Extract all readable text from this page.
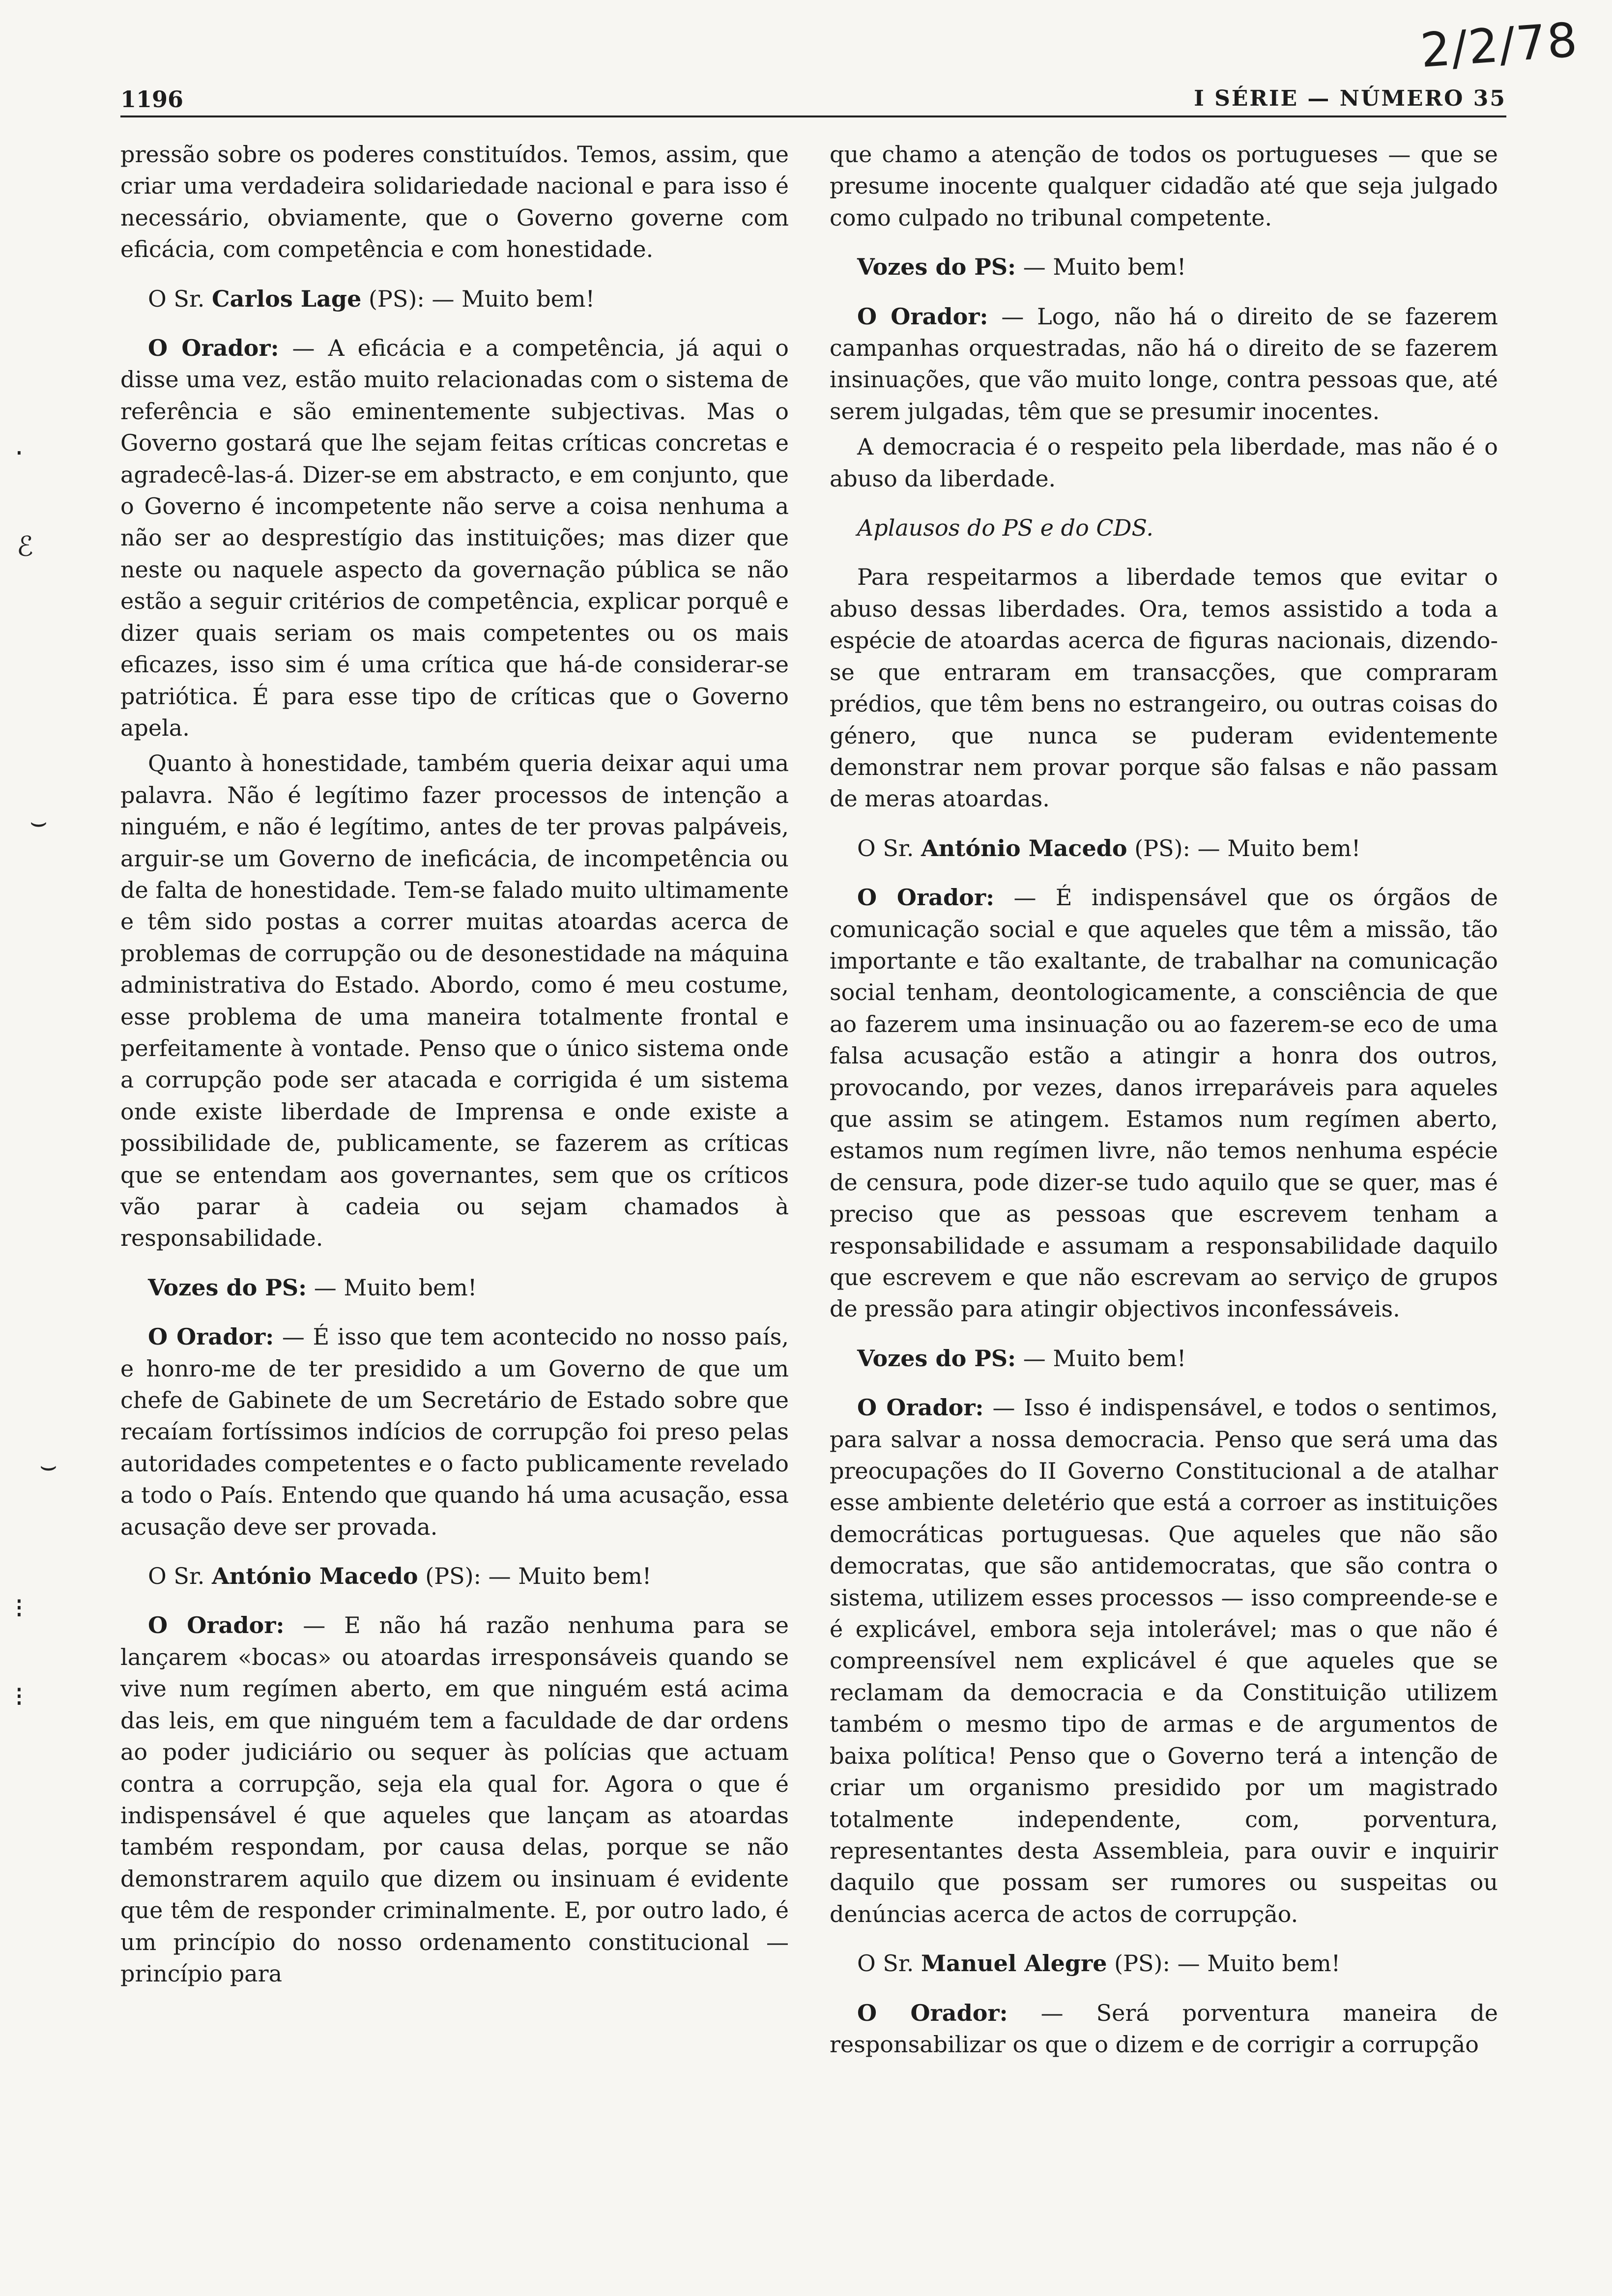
2/2/78
1196	I SÉRIE — NÚMERO 35

pressão sobre os poderes constituídos. Temos, assim, que criar uma verdadeira solidariedade nacional e para isso é necessário, obviamente, que o Governo governe com eficácia, com competência e com honestidade.

O Sr. Carlos Lage (PS): — Muito bem!

O Orador: — A eficácia e a competência, já aqui o disse uma vez, estão muito relacionadas com o sistema de referência e são eminentemente subjectivas. Mas o Governo gostará que lhe sejam feitas críticas concretas e agradecê-las-á. Dizer-se em abstracto, e em conjunto, que o Governo é incompetente não serve a coisa nenhuma a não ser ao desprestígio das instituições; mas dizer que neste ou naquele aspecto da governação pública se não estão a seguir critérios de competência, explicar porquê e dizer quais seriam os mais competentes ou os mais eficazes, isso sim é uma crítica que há-de considerar-se patriótica. É para esse tipo de críticas que o Governo apela.

Quanto à honestidade, também queria deixar aqui uma palavra. Não é legítimo fazer processos de intenção a ninguém, e não é legítimo, antes de ter provas palpáveis, arguir-se um Governo de ineficácia, de incompetência ou de falta de honestidade. Tem-se falado muito ultimamente e têm sido postas a correr muitas atoardas acerca de problemas de corrupção ou de desonestidade na máquina administrativa do Estado. Abordo, como é meu costume, esse problema de uma maneira totalmente frontal e perfeitamente à vontade. Penso que o único sistema onde a corrupção pode ser atacada e corrigida é um sistema onde existe liberdade de Imprensa e onde existe a possibilidade de, publicamente, se fazerem as críticas que se entendam aos governantes, sem que os críticos vão parar à cadeia ou sejam chamados à responsabilidade.

Vozes do PS: — Muito bem!

O Orador: — É isso que tem acontecido no nosso país, e honro-me de ter presidido a um Governo de que um chefe de Gabinete de um Secretário de Estado sobre que recaíam fortíssimos indícios de corrupção foi preso pelas autoridades competentes e o facto publicamente revelado a todo o País. Entendo que quando há uma acusação, essa acusação deve ser provada.

O Sr. António Macedo (PS): — Muito bem!

O Orador: — E não há razão nenhuma para se lançarem «bocas» ou atoardas irresponsáveis quando se vive num regímen aberto, em que ninguém está acima das leis, em que ninguém tem a faculdade de dar ordens ao poder judiciário ou sequer às polícias que actuam contra a corrupção, seja ela qual for. Agora o que é indispensável é que aqueles que lançam as atoardas também respondam, por causa delas, porque se não demonstrarem aquilo que dizem ou insinuam é evidente que têm de responder criminalmente. E, por outro lado, é um princípio do nosso ordenamento constitucional — princípio para

que chamo a atenção de todos os portugueses — que se presume inocente qualquer cidadão até que seja julgado como culpado no tribunal competente.

Vozes do PS: — Muito bem!

O Orador: — Logo, não há o direito de se fazerem campanhas orquestradas, não há o direito de se fazerem insinuações, que vão muito longe, contra pessoas que, até serem julgadas, têm que se presumir inocentes.

A democracia é o respeito pela liberdade, mas não é o abuso da liberdade.

Aplausos do PS e do CDS.

Para respeitarmos a liberdade temos que evitar o abuso dessas liberdades. Ora, temos assistido a toda a espécie de atoardas acerca de figuras nacionais, dizendo-se que entraram em transacções, que compraram prédios, que têm bens no estrangeiro, ou outras coisas do género, que nunca se puderam evidentemente demonstrar nem provar porque são falsas e não passam de meras atoardas.

O Sr. António Macedo (PS): — Muito bem!

O Orador: — É indispensável que os órgãos de comunicação social e que aqueles que têm a missão, tão importante e tão exaltante, de trabalhar na comunicação social tenham, deontologicamente, a consciência de que ao fazerem uma insinuação ou ao fazerem-se eco de uma falsa acusação estão a atingir a honra dos outros, provocando, por vezes, danos irreparáveis para aqueles que assim se atingem. Estamos num regímen aberto, estamos num regímen livre, não temos nenhuma espécie de censura, pode dizer-se tudo aquilo que se quer, mas é preciso que as pessoas que escrevem tenham a responsabilidade e assumam a responsabilidade daquilo que escrevem e que não escrevam ao serviço de grupos de pressão para atingir objectivos inconfessáveis.

Vozes do PS: — Muito bem!

O Orador: — Isso é indispensável, e todos o sentimos, para salvar a nossa democracia. Penso que será uma das preocupações do II Governo Constitucional a de atalhar esse ambiente deletério que está a corroer as instituições democráticas portuguesas. Que aqueles que não são democratas, que são antidemocratas, que são contra o sistema, utilizem esses processos — isso compreende-se e é explicável, embora seja intolerável; mas o que não é compreensível nem explicável é que aqueles que se reclamam da democracia e da Constituição utilizem também o mesmo tipo de armas e de argumentos de baixa política! Penso que o Governo terá a intenção de criar um organismo presidido por um magistrado totalmente independente, com, porventura, representantes desta Assembleia, para ouvir e inquirir daquilo que possam ser rumores ou suspeitas ou denúncias acerca de actos de corrupção.

O Sr. Manuel Alegre (PS): — Muito bem!

O Orador: — Será porventura maneira de responsabilizar os que o dizem e de corrigir a corrupção

·
ℰ
⌣
⌣
⁝
⁝
